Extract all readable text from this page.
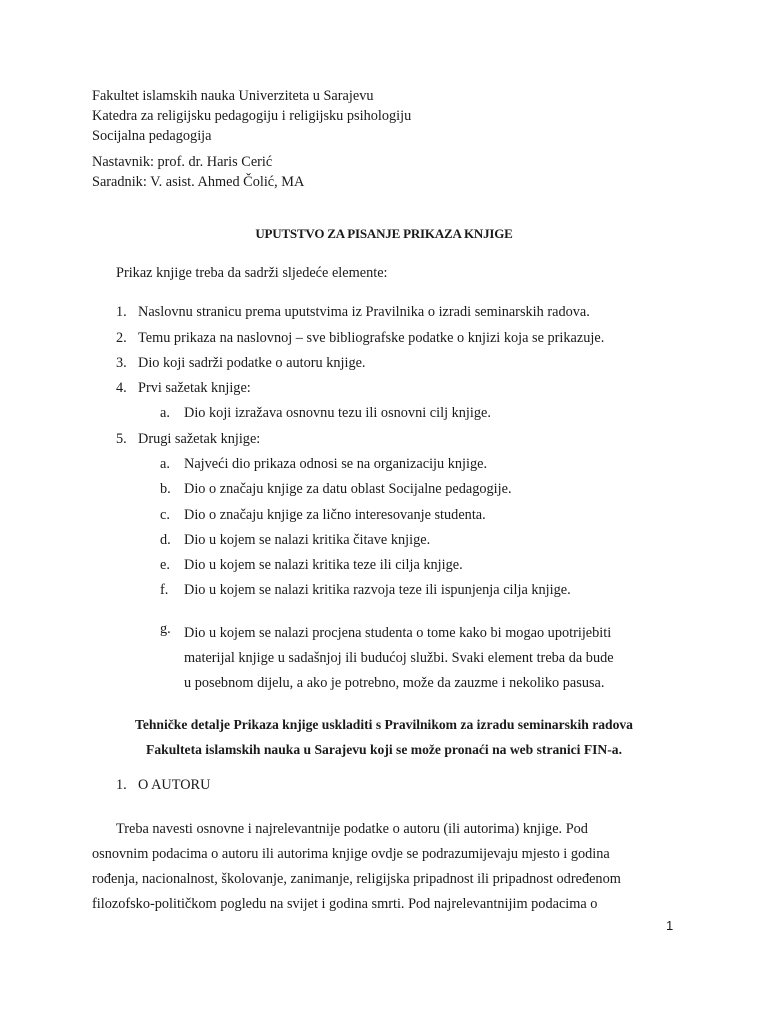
Fakultet islamskih nauka Univerziteta u Sarajevu
Katedra za religijsku pedagogiju i religijsku psihologiju
Socijalna pedagogija
Nastavnik: prof. dr. Haris Cerić
Saradnik: V. asist. Ahmed Čolić, MA
UPUTSTVO ZA PISANJE PRIKAZA KNJIGE
Prikaz knjige treba da sadrži sljedeće elemente:
1. Naslovnu stranicu prema uputstvima iz Pravilnika o izradi seminarskih radova.
2. Temu prikaza na naslovnoj – sve bibliografske podatke o knjizi koja se prikazuje.
3. Dio koji sadrži podatke o autoru knjige.
4. Prvi sažetak knjige:
a. Dio koji izražava osnovnu tezu ili osnovni cilj knjige.
5. Drugi sažetak knjige:
a. Najveći dio prikaza odnosi se na organizaciju knjige.
b. Dio o značaju knjige za datu oblast Socijalne pedagogije.
c. Dio o značaju knjige za lično interesovanje studenta.
d. Dio u kojem se nalazi kritika čitave knjige.
e. Dio u kojem se nalazi kritika teze ili cilja knjige.
f. Dio u kojem se nalazi kritika razvoja teze ili ispunjenja cilja knjige.
g. Dio u kojem se nalazi procjena studenta o tome kako bi mogao upotrijebiti
materijal knjige u sadašnjoj ili budućoj službi. Svaki element treba da bude
u posebnom dijelu, a ako je potrebno, može da zauzme i nekoliko pasusa.
Tehničke detalje Prikaza knjige uskladiti s Pravilnikom za izradu seminarskih radova
Fakulteta islamskih nauka u Sarajevu koji se može pronaći na web stranici FIN-a.
1. O AUTORU
Treba navesti osnovne i najrelevantnije podatke o autoru (ili autorima) knjige. Pod
osnovnim podacima o autoru ili autorima knjige ovdje se podrazumijevaju mjesto i godina
rođenja, nacionalnost, školovanje, zanimanje, religijska pripadnost ili pripadnost određenom
filozofsko-političkom pogledu na svijet i godina smrti. Pod najrelevantnijim podacima o
1
